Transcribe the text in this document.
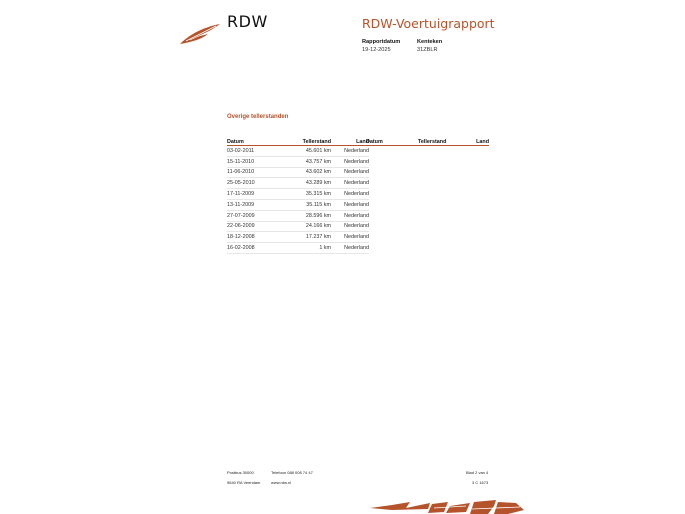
RDW	RDW-Voertuigrapport
Rapportdatum
19-12-2025
Kenteken
31ZBLR
Overige tellerstanden
Datum	Tellerstand	Land
03-02-2011	45.601 km	Nederland
15-11-2010	43.757 km	Nederland
11-06-2010	43.602 km	Nederland
25-05-2010	43.289 km	Nederland
17-11-2009	35.315 km	Nederland
13-11-2009	35.115 km	Nederland
27-07-2009	28.596 km	Nederland
22-06-2009	24.166 km	Nederland
18-12-2008	17.237 km	Nederland
16-02-2008	1 km	Nederland
Datum	Tellerstand	Land
Postbus 30000
9640 RA Veendam
Telefoon 088 008 74 47
www.rdw.nl
Blad 2 van 4
3 C 1673
